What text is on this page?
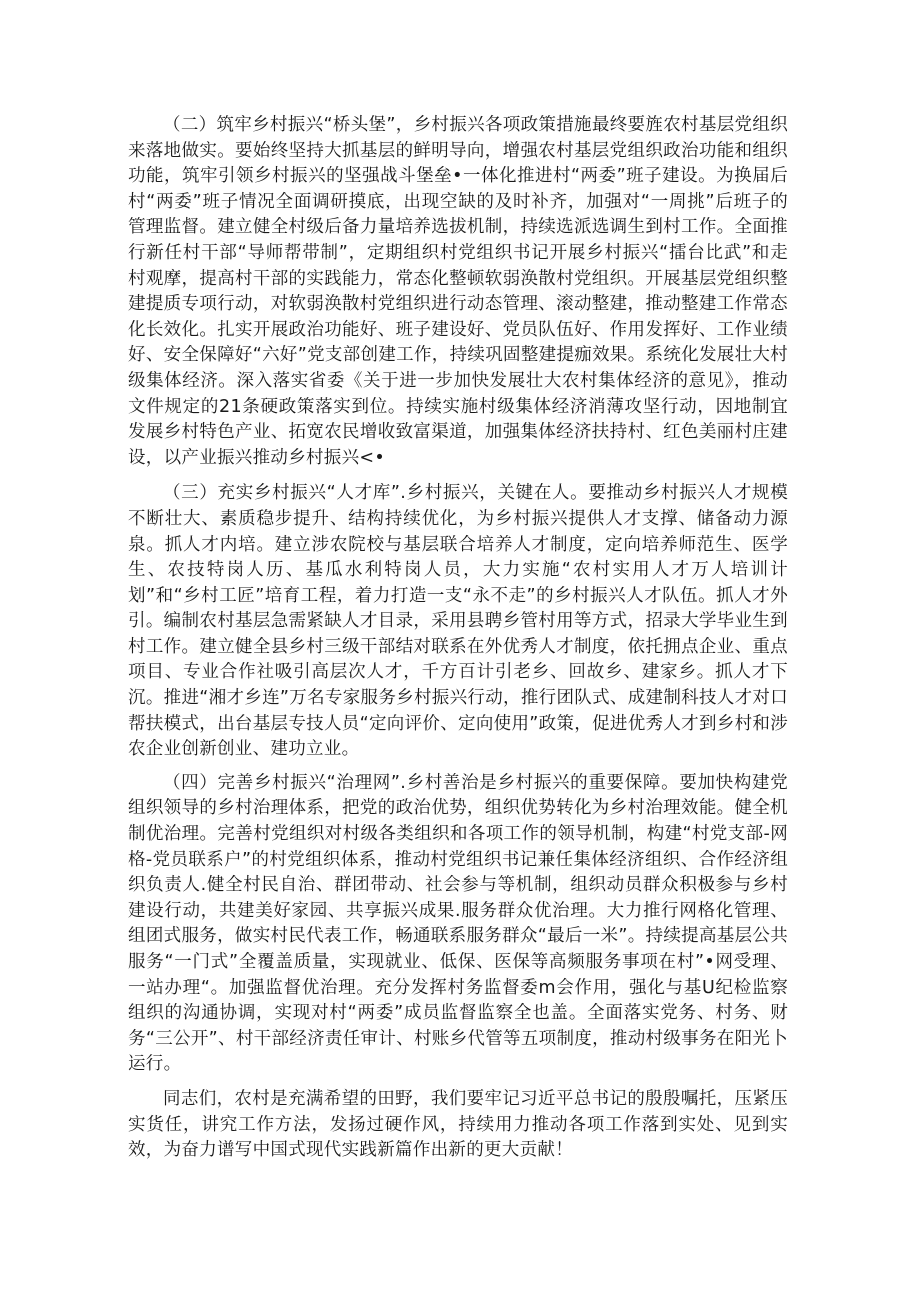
（二）筑牢乡村振兴“桥头堡”，乡村振兴各项政策措施最终要旌农村基层党组织来落地做实。要始终坚持大抓基层的鲜明导向，增强农村基层党组织政治功能和组织功能，筑牢引领乡村振兴的坚强战斗堡垒•一体化推进村“两委”班子建设。为换届后村“两委”班子情况全面调研摸底，出现空缺的及时补齐，加强对“一周挑”后班子的管理监督。建立健全村级后备力量培养选拔机制，持续选派选调生到村工作。全面推行新任村干部“导师帮带制”，定期组织村党组织书记开展乡村振兴“擂台比武”和走村观摩，提高村干部的实践能力，常态化整顿软弱涣散村党组织。开展基层党组织整建提质专项行动，对软弱涣散村党组织进行动态管理、滚动整建，推动整建工作常态化长效化。扎实开展政治功能好、班子建设好、党员队伍好、作用发挥好、工作业绩好、安全保障好“六好”党支部创建工作，持续巩固整建提痂效果。系统化发展壮大村级集体经济。深入落实省委《关于进一步加快发展壮大农村集体经济的意见》，推动文件规定的21条硬政策落实到位。持续实施村级集体经济消薄攻坚行动，因地制宜发展乡村特色产业、拓宽农民增收致富渠道，加强集体经济扶持村、红色美丽村庄建设，以产业振兴推动乡村振兴<•

（三）充实乡村振兴“人才库”.乡村振兴，关键在人。要推动乡村振兴人才规模不断壮大、素质稳步提升、结构持续优化，为乡村振兴提供人才支撑、储备动力源泉。抓人才内培。建立涉农院校与基层联合培养人才制度，定向培养师范生、医学生、农技特岗人历、基瓜水利特岗人员，大力实施“农村实用人才万人培训计划”和“乡村工匠”培育工程，着力打造一支“永不走”的乡村振兴人才队伍。抓人才外引。编制农村基层急需紧缺人才目录，采用县聘乡管村用等方式，招录大学毕业生到村工作。建立健全县乡村三级干部结对联系在外优秀人才制度，依托拥点企业、重点项目、专业合作社吸引高层次人才，千方百计引老乡、回故乡、建家乡。抓人才下沉。推进“湘才乡连”万名专家服务乡村振兴行动，推行团队式、成建制科技人才对口帮扶模式，出台基层专技人员“定向评价、定向使用”政策，促进优秀人才到乡村和涉农企业创新创业、建功立业。

（四）完善乡村振兴“治理网”.乡村善治是乡村振兴的重要保障。要加快构建党组织领导的乡村治理体系，把党的政治优势，组织优势转化为乡村治理效能。健全机制优治理。完善村党组织对村级各类组织和各项工作的领导机制，构建“村党支部-网格-党员联系户”的村党组织体系，推动村党组织书记兼任集体经济组织、合作经济组织负责人.健全村民自治、群团带动、社会参与等机制，组织动员群众积极参与乡村建设行动，共建美好家园、共享振兴成果.服务群众优治理。大力推行网格化管理、组团式服务，做实村民代表工作，畅通联系服务群众“最后一米”。持续提高基层公共服务“一门式”全覆盖质量，实现就业、低保、医保等高频服务事项在村”•网受理、一站办理“。加强监督优治理。充分发挥村务监督委m会作用，强化与基U纪检监察组织的沟通协调，实现对村“两委”成员监督监察全也盖。全面落实党务、村务、财务“三公开”、村干部经济责任审计、村账乡代管等五项制度，推动村级事务在阳光卜运行。

同志们，农村是充满希望的田野，我们要牢记习近平总书记的殷殷嘱托，压紧压实货任，讲究工作方法，发扬过硬作风，持续用力推动各项工作落到实处、见到实效，为奋力谱写中国式现代实践新篇作出新的更大贡献！
